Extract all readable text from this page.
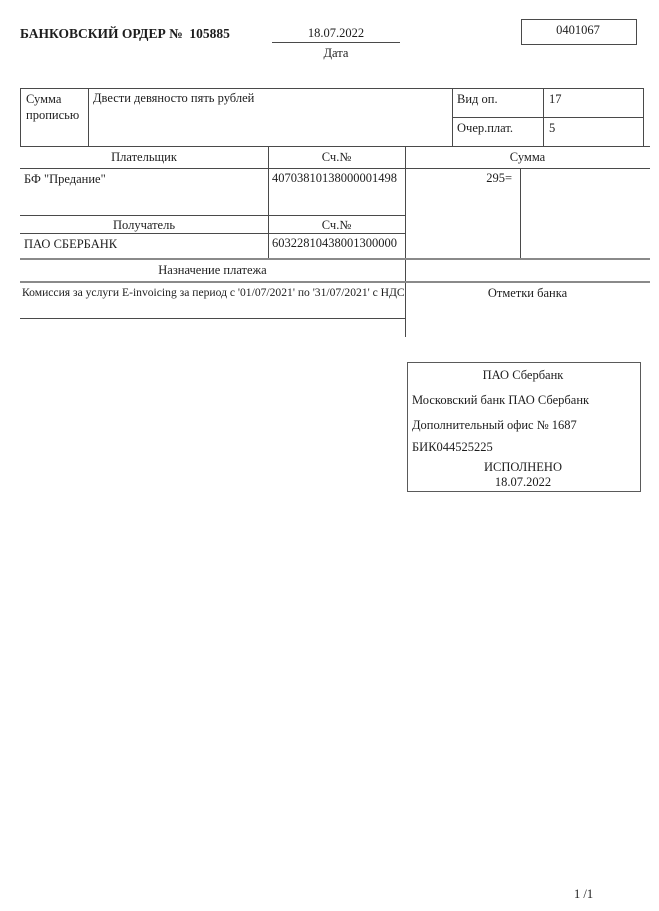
БАНКОВСКИЙ ОРДЕР №  105885	18.07.2022
Дата
0401067
Сумма
прописью
Двести девяносто пять рублей	Вид оп.	17
Очер.плат.	5
Плательщик	Сч.№	Сумма
БФ "Предание"	40703810138000001498	295=
Получатель	Сч.№
ПАО СБЕРБАНК	60322810438001300000
Назначение платежа
Комиссия за услуги E-invoicing за период с '01/07/2021' по '31/07/2021' с НДС	Отметки банка
ПАО Сбербанк
Московский банк ПАО Сбербанк
Дополнительный офис № 1687
БИК044525225
ИСПОЛНЕНО
18.07.2022
1 /1
